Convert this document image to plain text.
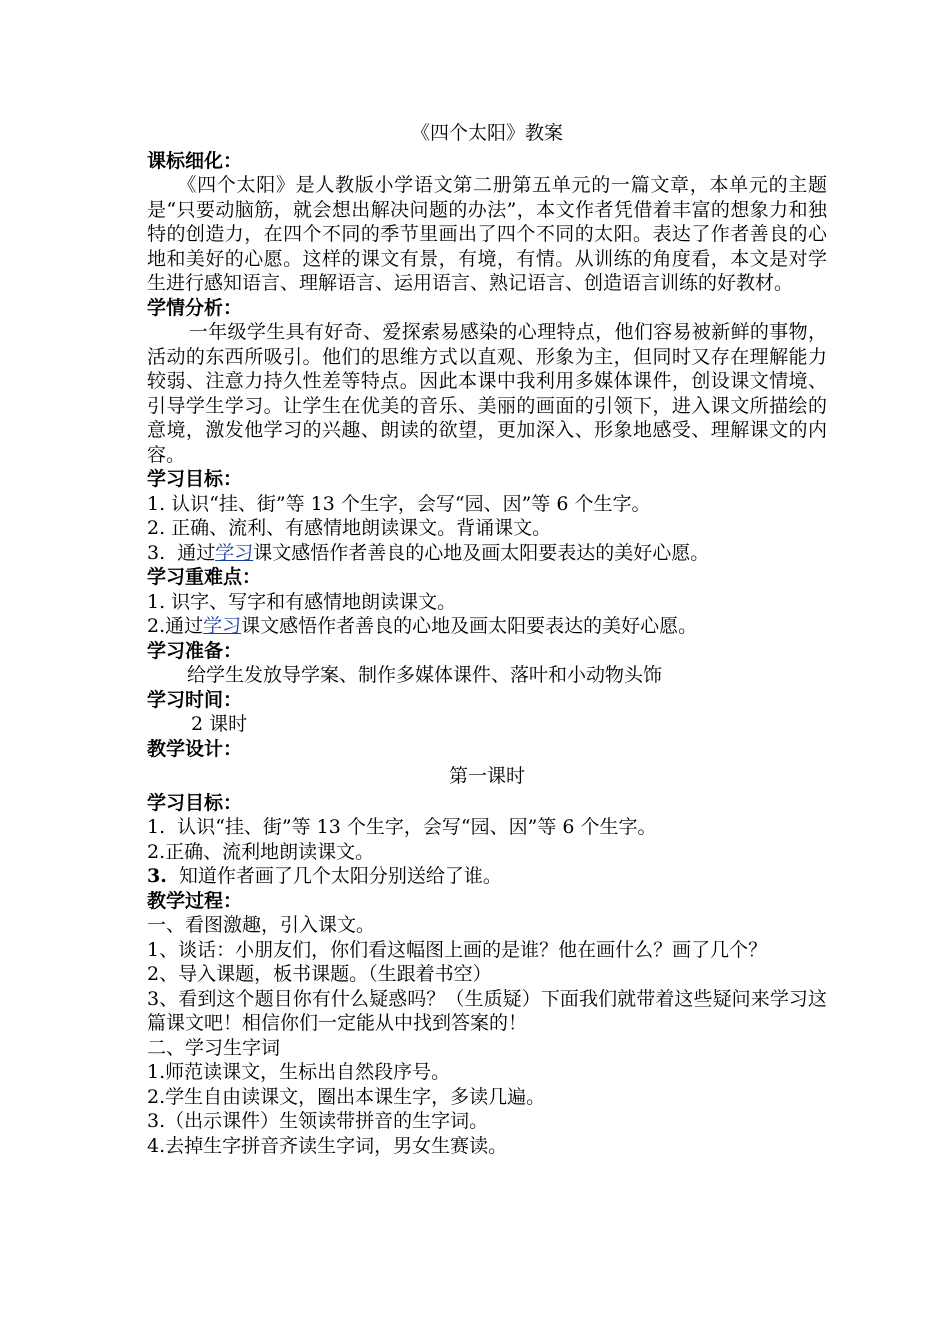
《四个太阳》教案
课标细化：

《四个太阳》是人教版小学语文第二册第五单元的一篇文章，本单元的主题是“只要动脑筋，就会想出解决问题的办法”，本文作者凭借着丰富的想象力和独特的创造力，在四个不同的季节里画出了四个不同的太阳。表达了作者善良的心地和美好的心愿。这样的课文有景，有境，有情。从训练的角度看，本文是对学生进行感知语言、理解语言、运用语言、熟记语言、创造语言训练的好教材。

学情分析：

一年级学生具有好奇、爱探索易感染的心理特点，他们容易被新鲜的事物，活动的东西所吸引。他们的思维方式以直观、形象为主，但同时又存在理解能力较弱、注意力持久性差等特点。因此本课中我利用多媒体课件，创设课文情境、引导学生学习。让学生在优美的音乐、美丽的画面的引领下，进入课文所描绘的意境，激发他学习的兴趣、朗读的欲望，更加深入、形象地感受、理解课文的内容。

学习目标：

1. 认识“挂、街”等 13 个生字，会写“园、因”等 6 个生字。

2. 正确、流利、有感情地朗读课文。背诵课文。

3.  通过学习课文感悟作者善良的心地及画太阳要表达的美好心愿。

学习重难点：

1. 识字、写字和有感情地朗读课文。

2.通过学习课文感悟作者善良的心地及画太阳要表达的美好心愿。

学习准备：

给学生发放导学案、制作多媒体课件、落叶和小动物头饰

学习时间：

2 课时

教学设计：
第一课时
学习目标：

1.  认识“挂、街”等 13 个生字，会写“园、因”等 6 个生字。

2.正确、流利地朗读课文。

3.  知道作者画了几个太阳分别送给了谁。

教学过程：

一、看图激趣，引入课文。

1、谈话：小朋友们，你们看这幅图上画的是谁？他在画什么？画了几个？

2、导入课题，板书课题。（生跟着书空）

3、看到这个题目你有什么疑惑吗？（生质疑）下面我们就带着这些疑问来学习这篇课文吧！相信你们一定能从中找到答案的！

二、学习生字词

1.师范读课文，生标出自然段序号。

2.学生自由读课文，圈出本课生字，多读几遍。

3.（出示课件）生领读带拼音的生字词。

4.去掉生字拼音齐读生字词，男女生赛读。
